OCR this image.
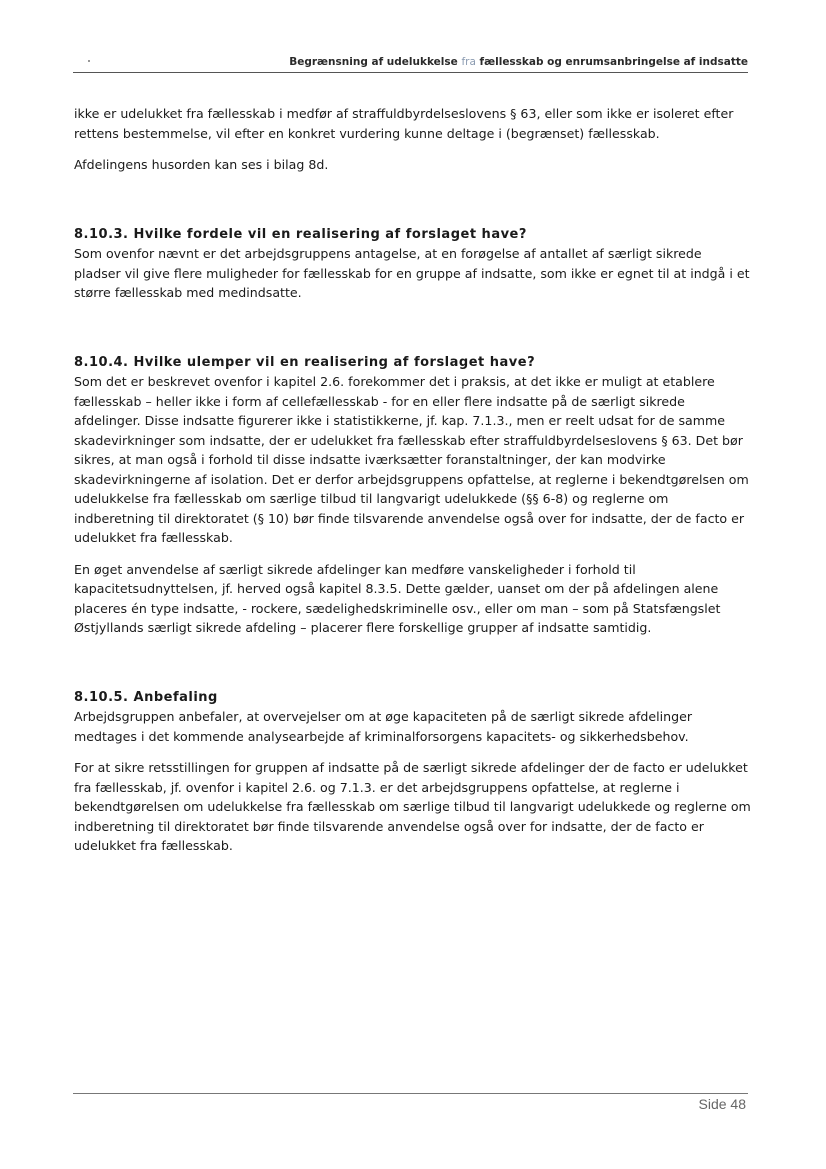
Begrænsning af udelukkelse fra fællesskab og enrumsanbringelse af indsatte

ikke er udelukket fra fællesskab i medfør af straffuldbyrdelseslovens § 63, eller som ikke er isoleret efter rettens bestemmelse, vil efter en konkret vurdering kunne deltage i (begrænset) fællesskab.

Afdelingens husorden kan ses i bilag 8d.

8.10.3. Hvilke fordele vil en realisering af forslaget have?

Som ovenfor nævnt er det arbejdsgruppens antagelse, at en forøgelse af antallet af særligt sikrede pladser vil give flere muligheder for fællesskab for en gruppe af indsatte, som ikke er egnet til at indgå i et større fællesskab med medindsatte.

8.10.4. Hvilke ulemper vil en realisering af forslaget have?

Som det er beskrevet ovenfor i kapitel 2.6. forekommer det i praksis, at det ikke er muligt at etablere fællesskab – heller ikke i form af cellefællesskab - for en eller flere indsatte på de særligt sikrede afdelinger. Disse indsatte figurerer ikke i statistikkerne, jf. kap. 7.1.3., men er reelt udsat for de samme skadevirkninger som indsatte, der er udelukket fra fællesskab efter straffuldbyrdelseslovens § 63. Det bør sikres, at man også i forhold til disse indsatte iværksætter foranstaltninger, der kan modvirke skadevirkningerne af isolation. Det er derfor arbejdsgruppens opfattelse, at reglerne i bekendtgørelsen om udelukkelse fra fællesskab om særlige tilbud til langvarigt udelukkede (§§ 6-8) og reglerne om indberetning til direktoratet (§ 10) bør finde tilsvarende anvendelse også over for indsatte, der de facto er udelukket fra fællesskab.

En øget anvendelse af særligt sikrede afdelinger kan medføre vanskeligheder i forhold til kapacitetsudnyttelsen, jf. herved også kapitel 8.3.5. Dette gælder, uanset om der på afdelingen alene placeres én type indsatte, - rockere, sædelighedskriminelle osv., eller om man – som på Statsfængslet Østjyllands særligt sikrede afdeling – placerer flere forskellige grupper af indsatte samtidig.

8.10.5. Anbefaling

Arbejdsgruppen anbefaler, at overvejelser om at øge kapaciteten på de særligt sikrede afdelinger medtages i det kommende analysearbejde af kriminalforsorgens kapacitets- og sikkerhedsbehov.

For at sikre retsstillingen for gruppen af indsatte på de særligt sikrede afdelinger der de facto er udelukket fra fællesskab, jf. ovenfor i kapitel 2.6. og 7.1.3. er det arbejdsgruppens opfattelse, at reglerne i bekendtgørelsen om udelukkelse fra fællesskab om særlige tilbud til langvarigt udelukkede og reglerne om indberetning til direktoratet bør finde tilsvarende anvendelse også over for indsatte, der de facto er udelukket fra fællesskab.

Side 48
